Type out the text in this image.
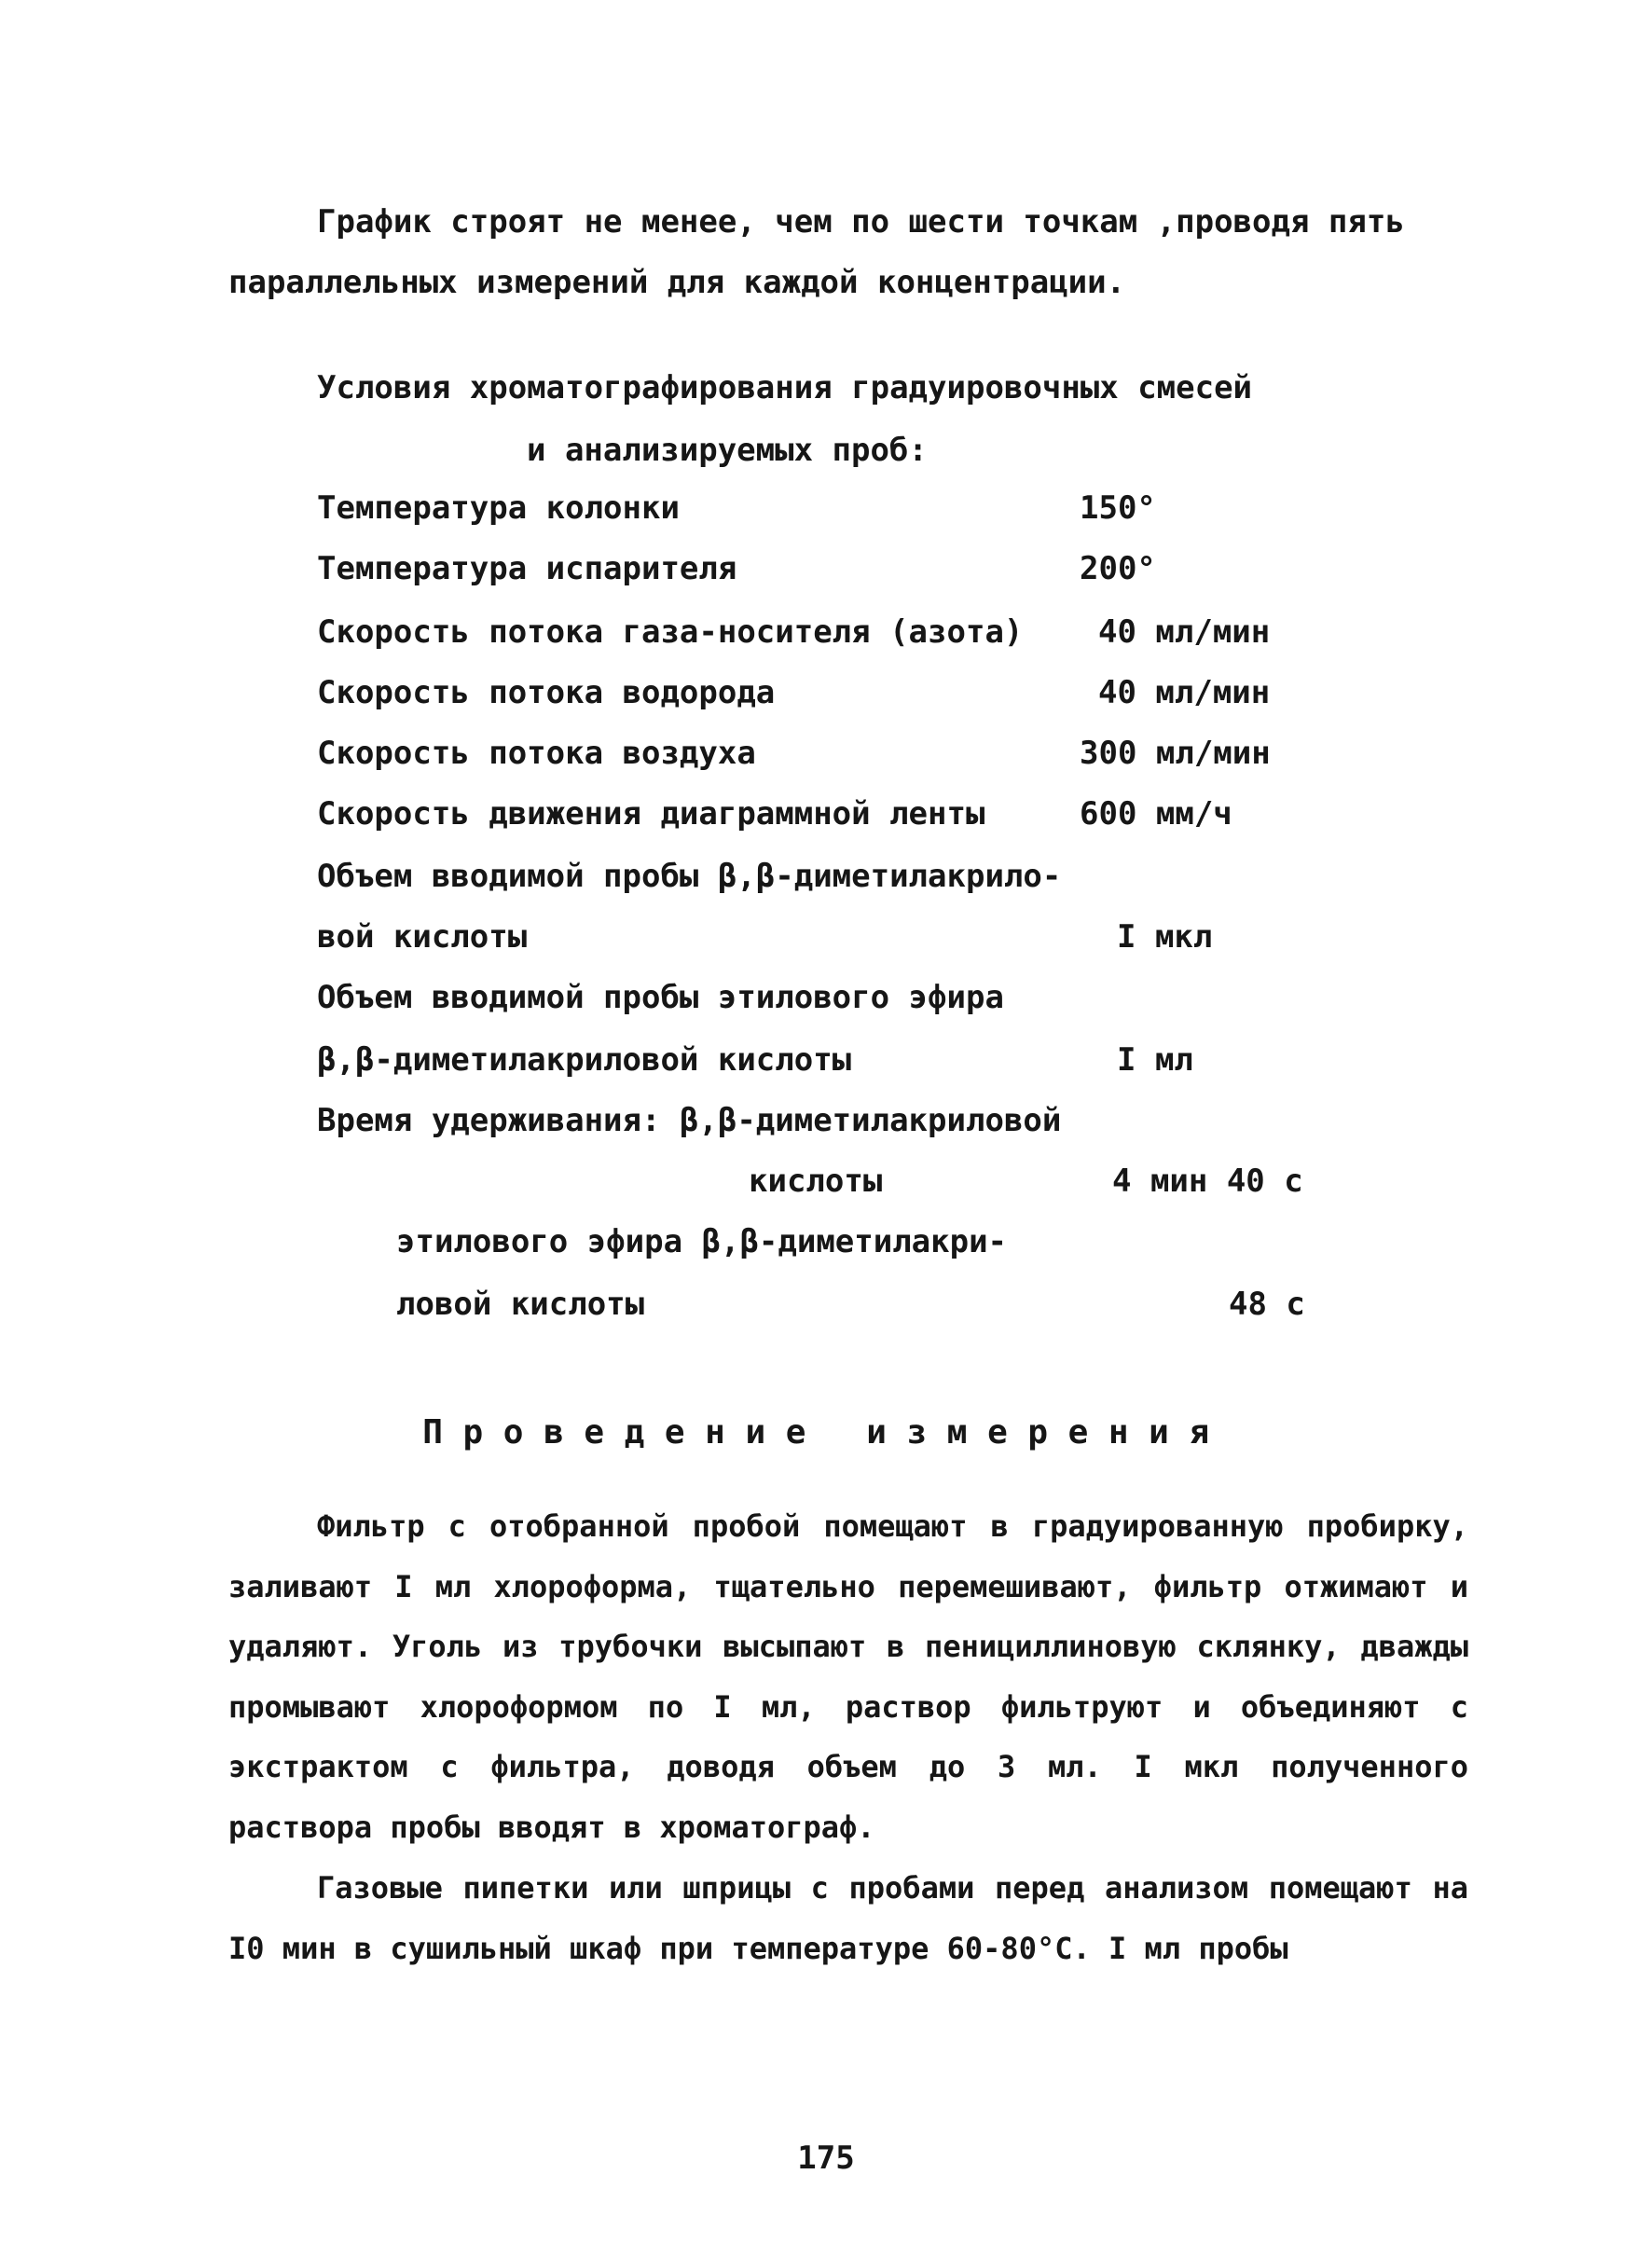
График строят не менее, чем по шести точкам ,проводя пять
параллельных измерений для каждой концентрации.
Условия хроматографирования градуировочных смесей
и анализируемых проб:
Температура колонки	150°
Температура испарителя	200°
Скорость потока газа-носителя (азота) 40 мл/мин
Скорость потока водорода	40 мл/мин
Скорость потока воздуха	300 мл/мин
Скорость движения диаграммной ленты	600 мм/ч
Объем вводимой пробы β,β-диметилакрило-
вой кислоты	I мкл
Объем вводимой пробы этилового эфира
β,β-диметилакриловой кислоты	I мл
Время удерживания: β,β-диметилакриловой
кислоты	4 мин 40 с
этилового эфира β,β-диметилакри-
ловой кислоты	48 с
Проведение измерения
Фильтр с отобранной пробой помещают в градуированную пробирку, заливают I мл хлороформа, тщательно перемешивают, фильтр отжимают и удаляют. Уголь из трубочки высыпают в пенициллиновую склянку, дважды промывают хлороформом по I мл, раствор фильтруют и объединяют с экстрактом с фильтра, доводя объем до 3 мл. I мкл полученного раствора пробы вводят в хроматограф.
Газовые пипетки или шприцы с пробами перед анализом помещают на I0 мин в сушильный шкаф при температуре 60-80°С. I мл пробы
175
